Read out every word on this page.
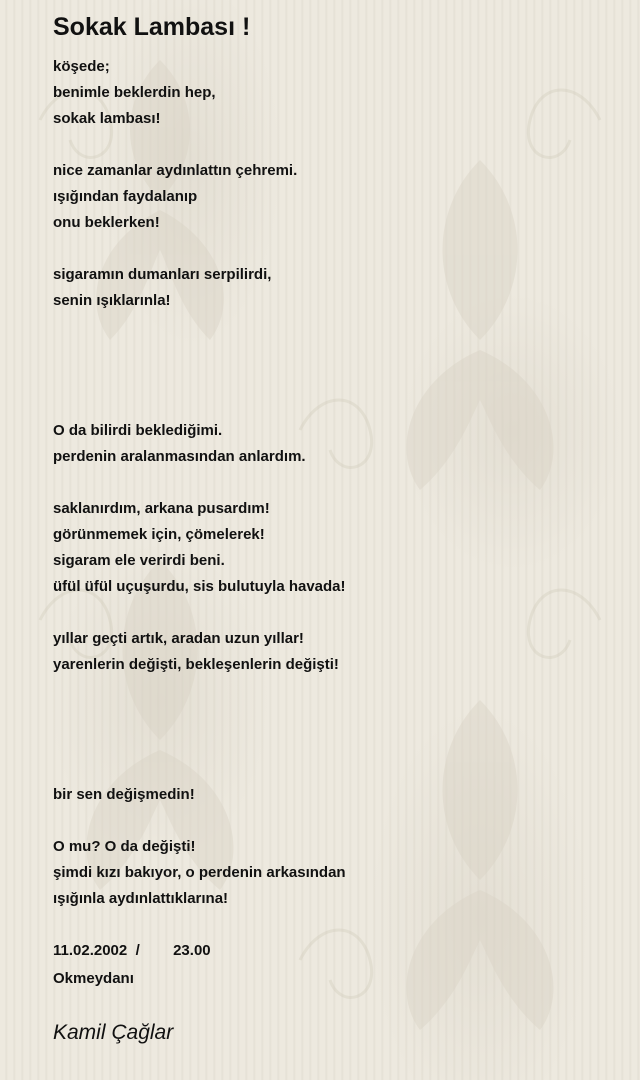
Sokak Lambası !
köşede;
benimle beklerdin hep,
sokak lambası!
nice zamanlar aydınlattın çehremi.
ışığından faydalanıp
onu beklerken!
sigaramın dumanları serpilirdi,
senin ışıklarınla!
O da bilirdi beklediğimi.
perdenin aralanmasından anlardım.
saklanırdım, arkana pusardım!
görünmemek için, çömelerek!
sigaram ele verirdi beni.
üfül üfül uçuşurdu, sis bulutuyla havada!
yıllar geçti artık, aradan uzun yıllar!
yarenlerin değişti, bekleşenlerin değişti!
bir sen değişmedin!
O mu? O da değişti!
şimdi kızı bakıyor, o perdenin arkasından
ışığınla aydınlattıklarına!
11.02.2002  /        23.00
Okmeydanı
Kamil Çağlar
